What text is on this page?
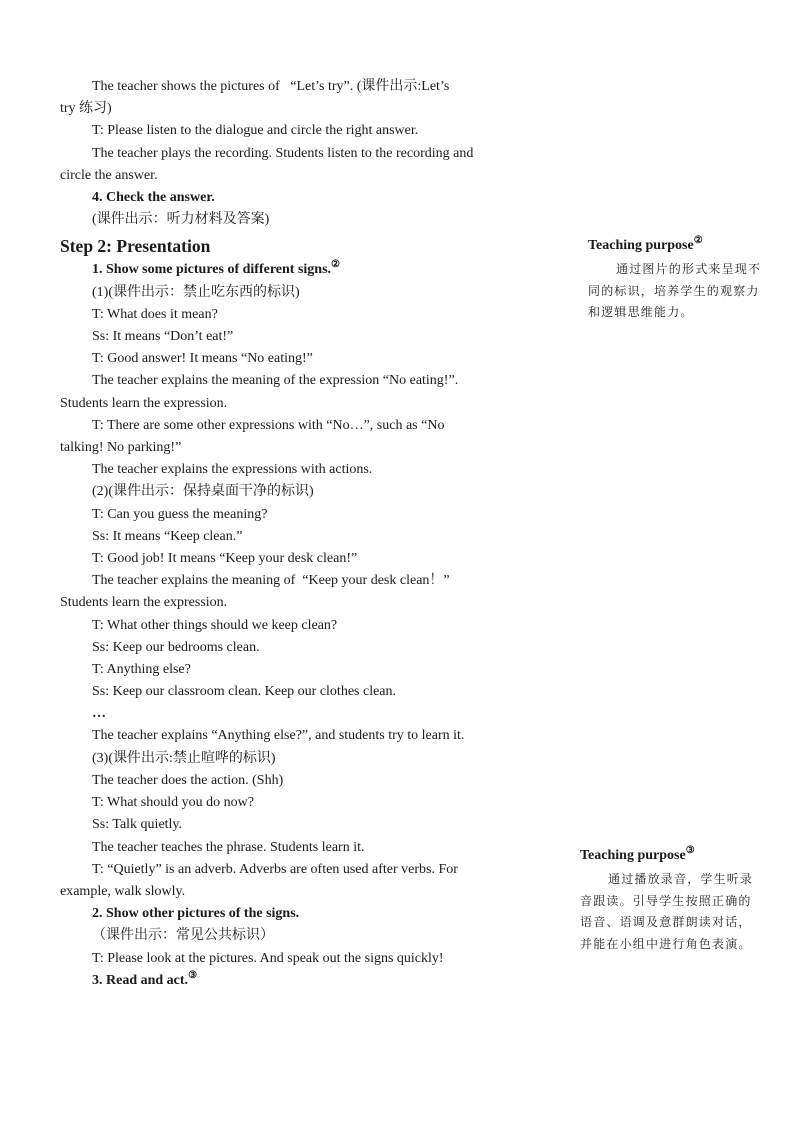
The teacher shows the pictures of   “Let’s try”. (课件出示:Let’s

try 练习)

T: Please listen to the dialogue and circle the right answer.

The teacher plays the recording. Students listen to the recording and

circle the answer.

4. Check the answer.

(课件出示：听力材料及答案)

Step 2: Presentation

1. Show some pictures of different signs.②

(1)(课件出示：禁止吃东西的标识)

T: What does it mean?

Ss: It means “Don’t eat!”

T: Good answer! It means “No eating!”

The teacher explains the meaning of the expression “No eating!”.

Students learn the expression.

T: There are some other expressions with “No…”, such as “No

talking! No parking!”

The teacher explains the expressions with actions.

(2)(课件出示：保持桌面干净的标识)

T: Can you guess the meaning?

Ss: It means “Keep clean.”

T: Good job! It means “Keep your desk clean!”

The teacher explains the meaning of  “Keep your desk clean！”

Students learn the expression.

T: What other things should we keep clean?

Ss: Keep our bedrooms clean.

T: Anything else?

Ss: Keep our classroom clean. Keep our clothes clean.

…

The teacher explains “Anything else?”, and students try to learn it.

(3)(课件出示:禁止喧哗的标识)

The teacher does the action. (Shh)

T: What should you do now?

Ss: Talk quietly.

The teacher teaches the phrase. Students learn it.

T: “Quietly” is an adverb. Adverbs are often used after verbs. For

example, walk slowly.

2. Show other pictures of the signs.

（课件出示：常见公共标识）

T: Please look at the pictures. And speak out the signs quickly!

3. Read and act.③

Teaching purpose②

通过图片的形式来呈现不同的标识，培养学生的观察力和逻辑思维能力。

Teaching purpose③

通过播放录音，学生听录音跟读。引导学生按照正确的语音、语调及意群朗读对话，并能在小组中进行角色表演。
